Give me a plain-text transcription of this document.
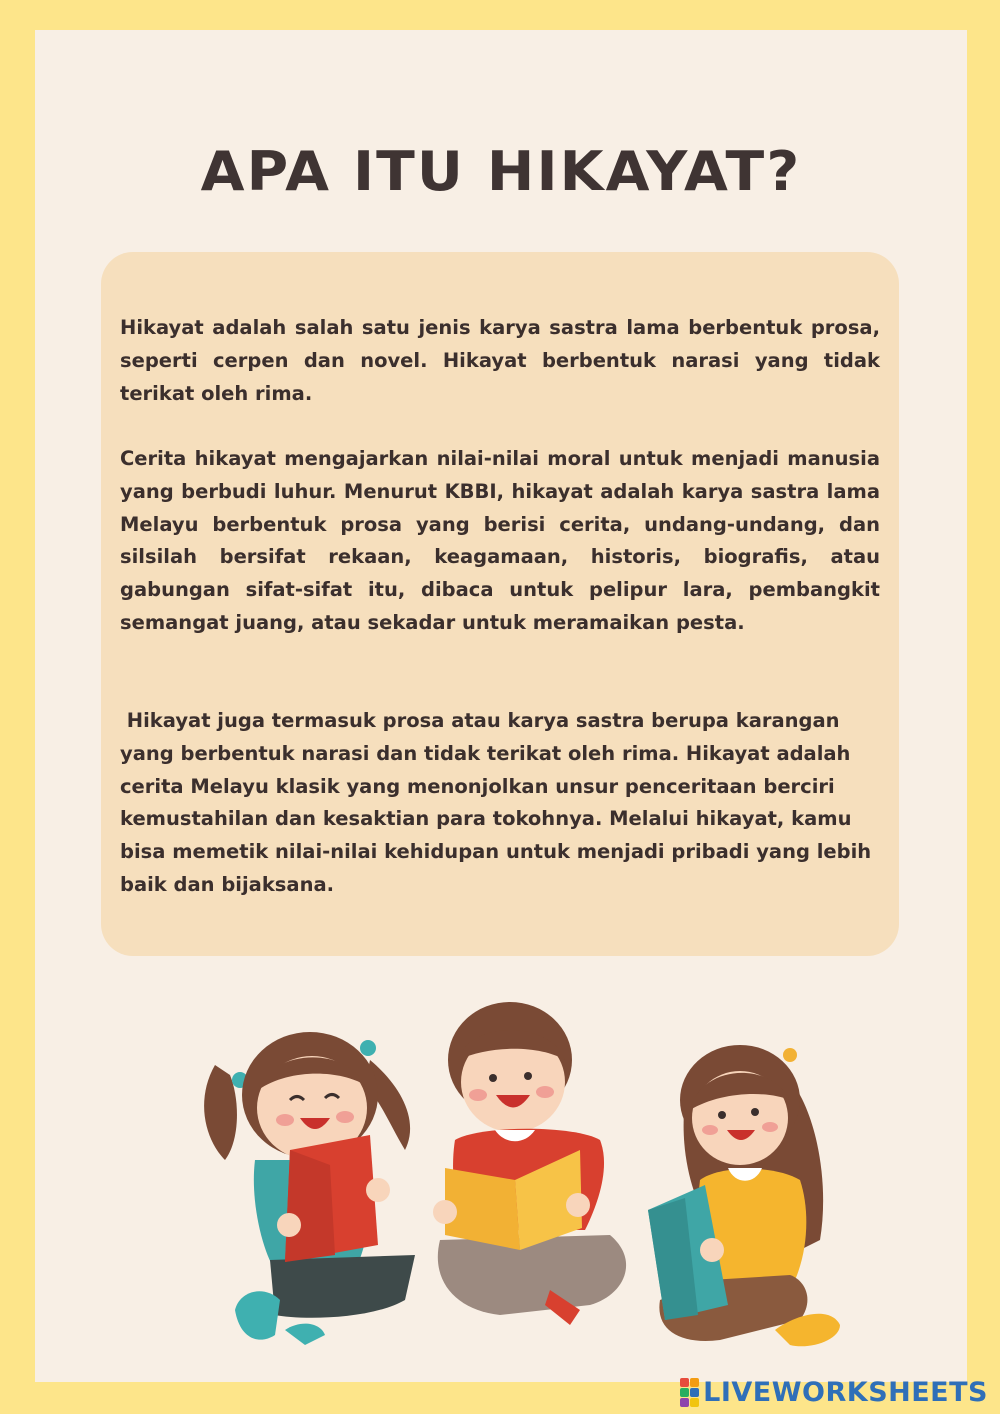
APA ITU HIKAYAT?

Hikayat adalah salah satu jenis karya sastra lama berbentuk prosa, seperti cerpen dan novel. Hikayat berbentuk narasi yang tidak terikat oleh rima.

Cerita hikayat mengajarkan nilai-nilai moral untuk menjadi manusia yang berbudi luhur. Menurut KBBI, hikayat adalah karya sastra lama Melayu berbentuk prosa yang berisi cerita, undang-undang, dan silsilah bersifat rekaan, keagamaan, historis, biografis, atau gabungan sifat-sifat itu, dibaca untuk pelipur lara, pembangkit semangat juang, atau sekadar untuk meramaikan pesta.

Hikayat juga termasuk prosa atau karya sastra berupa karangan yang berbentuk narasi dan tidak terikat oleh rima. Hikayat adalah cerita Melayu klasik yang menonjolkan unsur penceritaan berciri kemustahilan dan kesaktian para tokohnya. Melalui hikayat, kamu bisa memetik nilai-nilai kehidupan untuk menjadi pribadi yang lebih baik dan bijaksana.

LIVEWORKSHEETS
